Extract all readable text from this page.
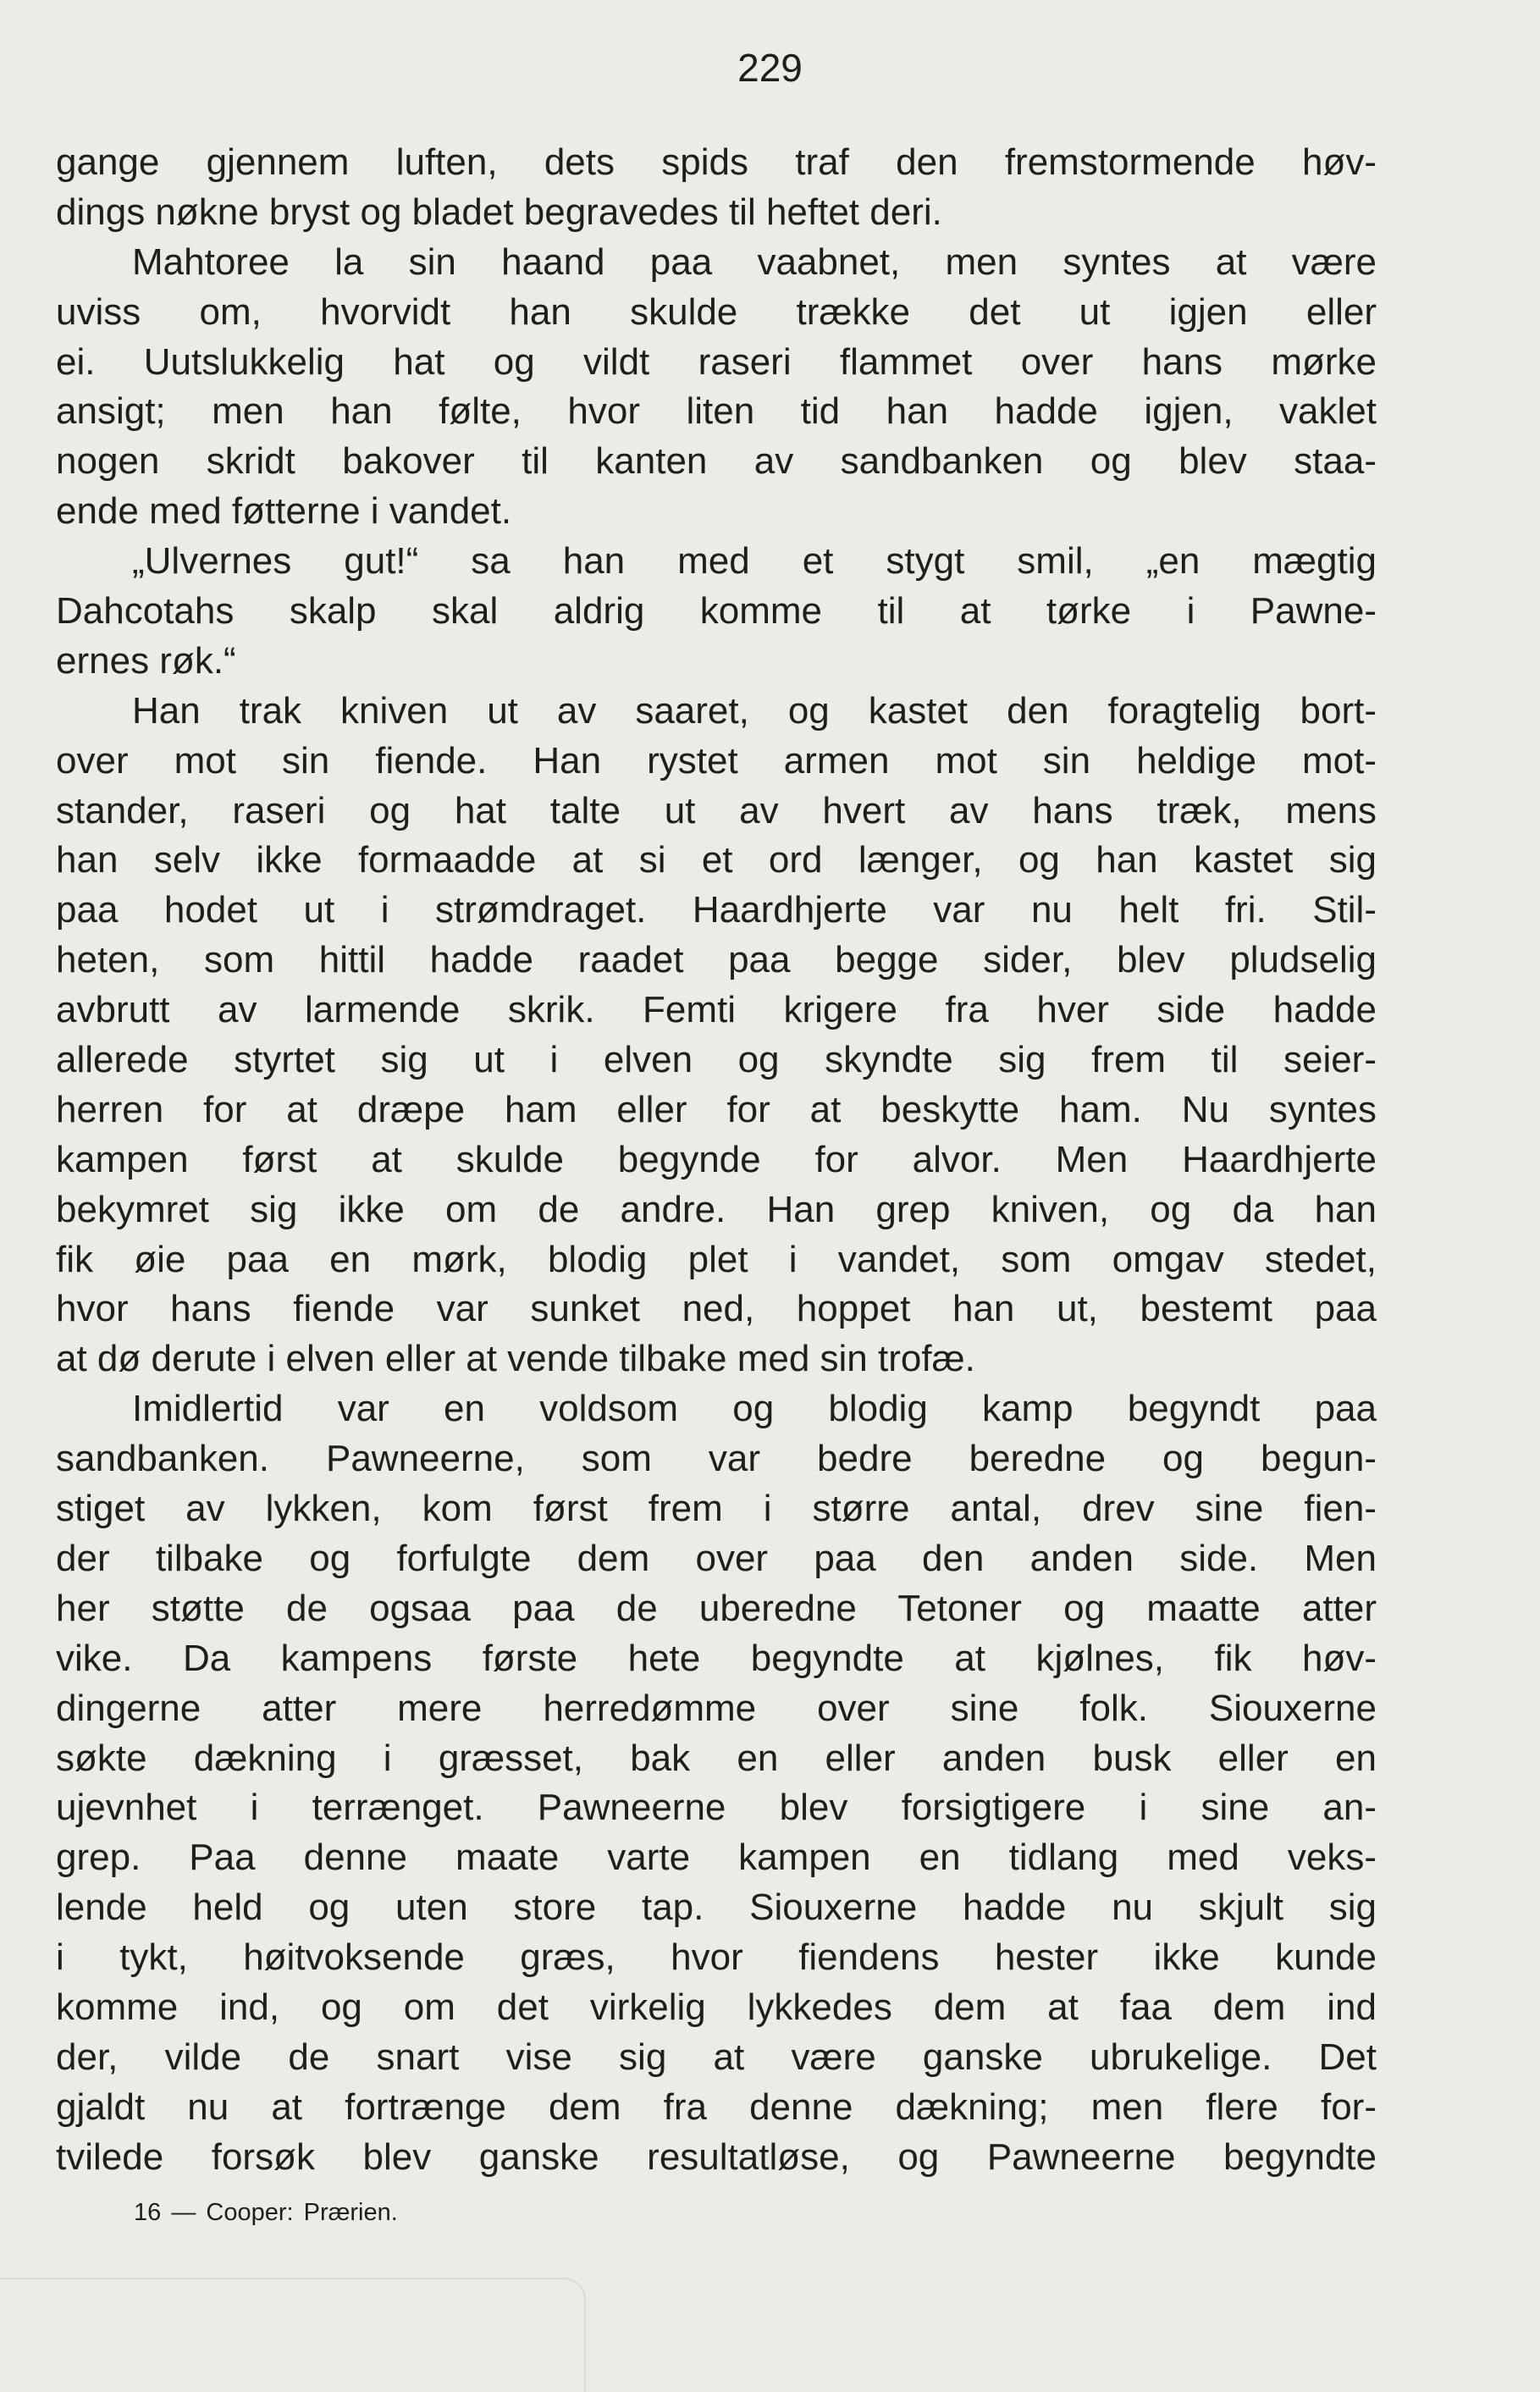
229
gange gjennem luften, dets spids traf den fremstormende høv-
dings nøkne bryst og bladet begravedes til heftet deri.
Mahtoree la sin haand paa vaabnet, men syntes at være
uviss om, hvorvidt han skulde trække det ut igjen eller
ei. Uutslukkelig hat og vildt raseri flammet over hans mørke
ansigt; men han følte, hvor liten tid han hadde igjen, vaklet
nogen skridt bakover til kanten av sandbanken og blev staa-
ende med føtterne i vandet.
„Ulvernes gut!“ sa han med et stygt smil, „en mægtig
Dahcotahs skalp skal aldrig komme til at tørke i Pawne-
ernes røk.“
Han trak kniven ut av saaret, og kastet den foragtelig bort-
over mot sin fiende. Han rystet armen mot sin heldige mot-
stander, raseri og hat talte ut av hvert av hans træk, mens
han selv ikke formaadde at si et ord længer, og han kastet sig
paa hodet ut i strømdraget. Haardhjerte var nu helt fri. Stil-
heten, som hittil hadde raadet paa begge sider, blev pludselig
avbrutt av larmende skrik. Femti krigere fra hver side hadde
allerede styrtet sig ut i elven og skyndte sig frem til seier-
herren for at dræpe ham eller for at beskytte ham. Nu syntes
kampen først at skulde begynde for alvor. Men Haardhjerte
bekymret sig ikke om de andre. Han grep kniven, og da han
fik øie paa en mørk, blodig plet i vandet, som omgav stedet,
hvor hans fiende var sunket ned, hoppet han ut, bestemt paa
at dø derute i elven eller at vende tilbake med sin trofæ.
Imidlertid var en voldsom og blodig kamp begyndt paa
sandbanken. Pawneerne, som var bedre beredne og begun-
stiget av lykken, kom først frem i større antal, drev sine fien-
der tilbake og forfulgte dem over paa den anden side. Men
her støtte de ogsaa paa de uberedne Tetoner og maatte atter
vike. Da kampens første hete begyndte at kjølnes, fik høv-
dingerne atter mere herredømme over sine folk. Siouxerne
søkte dækning i græsset, bak en eller anden busk eller en
ujevnhet i terrænget. Pawneerne blev forsigtigere i sine an-
grep. Paa denne maate varte kampen en tidlang med veks-
lende held og uten store tap. Siouxerne hadde nu skjult sig
i tykt, høitvoksende græs, hvor fiendens hester ikke kunde
komme ind, og om det virkelig lykkedes dem at faa dem ind
der, vilde de snart vise sig at være ganske ubrukelige. Det
gjaldt nu at fortrænge dem fra denne dækning; men flere for-
tvilede forsøk blev ganske resultatløse, og Pawneerne begyndte
16 — Cooper: Prærien.
